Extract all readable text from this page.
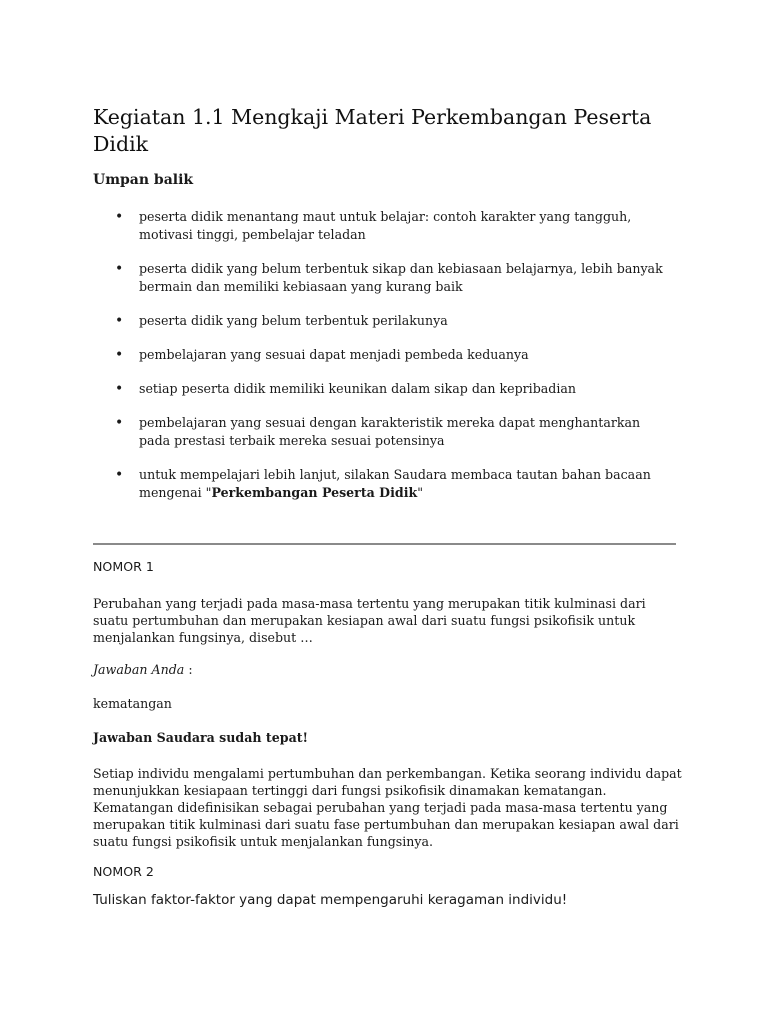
Kegiatan 1.1 Mengkaji Materi Perkembangan Peserta Didik
Umpan balik
• peserta didik menantang maut untuk belajar: contoh karakter yang tangguh, motivasi tinggi, pembelajar teladan
• peserta didik yang belum terbentuk sikap dan kebiasaan belajarnya, lebih banyak bermain dan memiliki kebiasaan yang kurang baik
• peserta didik yang belum terbentuk perilakunya
• pembelajaran yang sesuai dapat menjadi pembeda keduanya
• setiap peserta didik memiliki keunikan dalam sikap dan kepribadian
• pembelajaran yang sesuai dengan karakteristik mereka dapat menghantarkan pada prestasi terbaik mereka sesuai potensinya
• untuk mempelajari lebih lanjut, silakan Saudara membaca tautan bahan bacaan mengenai "Perkembangan Peserta Didik"

NOMOR 1

Perubahan yang terjadi pada masa-masa tertentu yang merupakan titik kulminasi dari suatu pertumbuhan dan merupakan kesiapan awal dari suatu fungsi psikofisik untuk menjalankan fungsinya, disebut …

Jawaban Anda :

kematangan

Jawaban Saudara sudah tepat!

Setiap individu mengalami pertumbuhan dan perkembangan. Ketika seorang individu dapat menunjukkan kesiapaan tertinggi dari fungsi psikofisik dinamakan kematangan. Kematangan didefinisikan sebagai perubahan yang terjadi pada masa-masa tertentu yang merupakan titik kulminasi dari suatu fase pertumbuhan dan merupakan kesiapan awal dari suatu fungsi psikofisik untuk menjalankan fungsinya.

NOMOR 2

Tuliskan faktor-faktor yang dapat mempengaruhi keragaman individu!
